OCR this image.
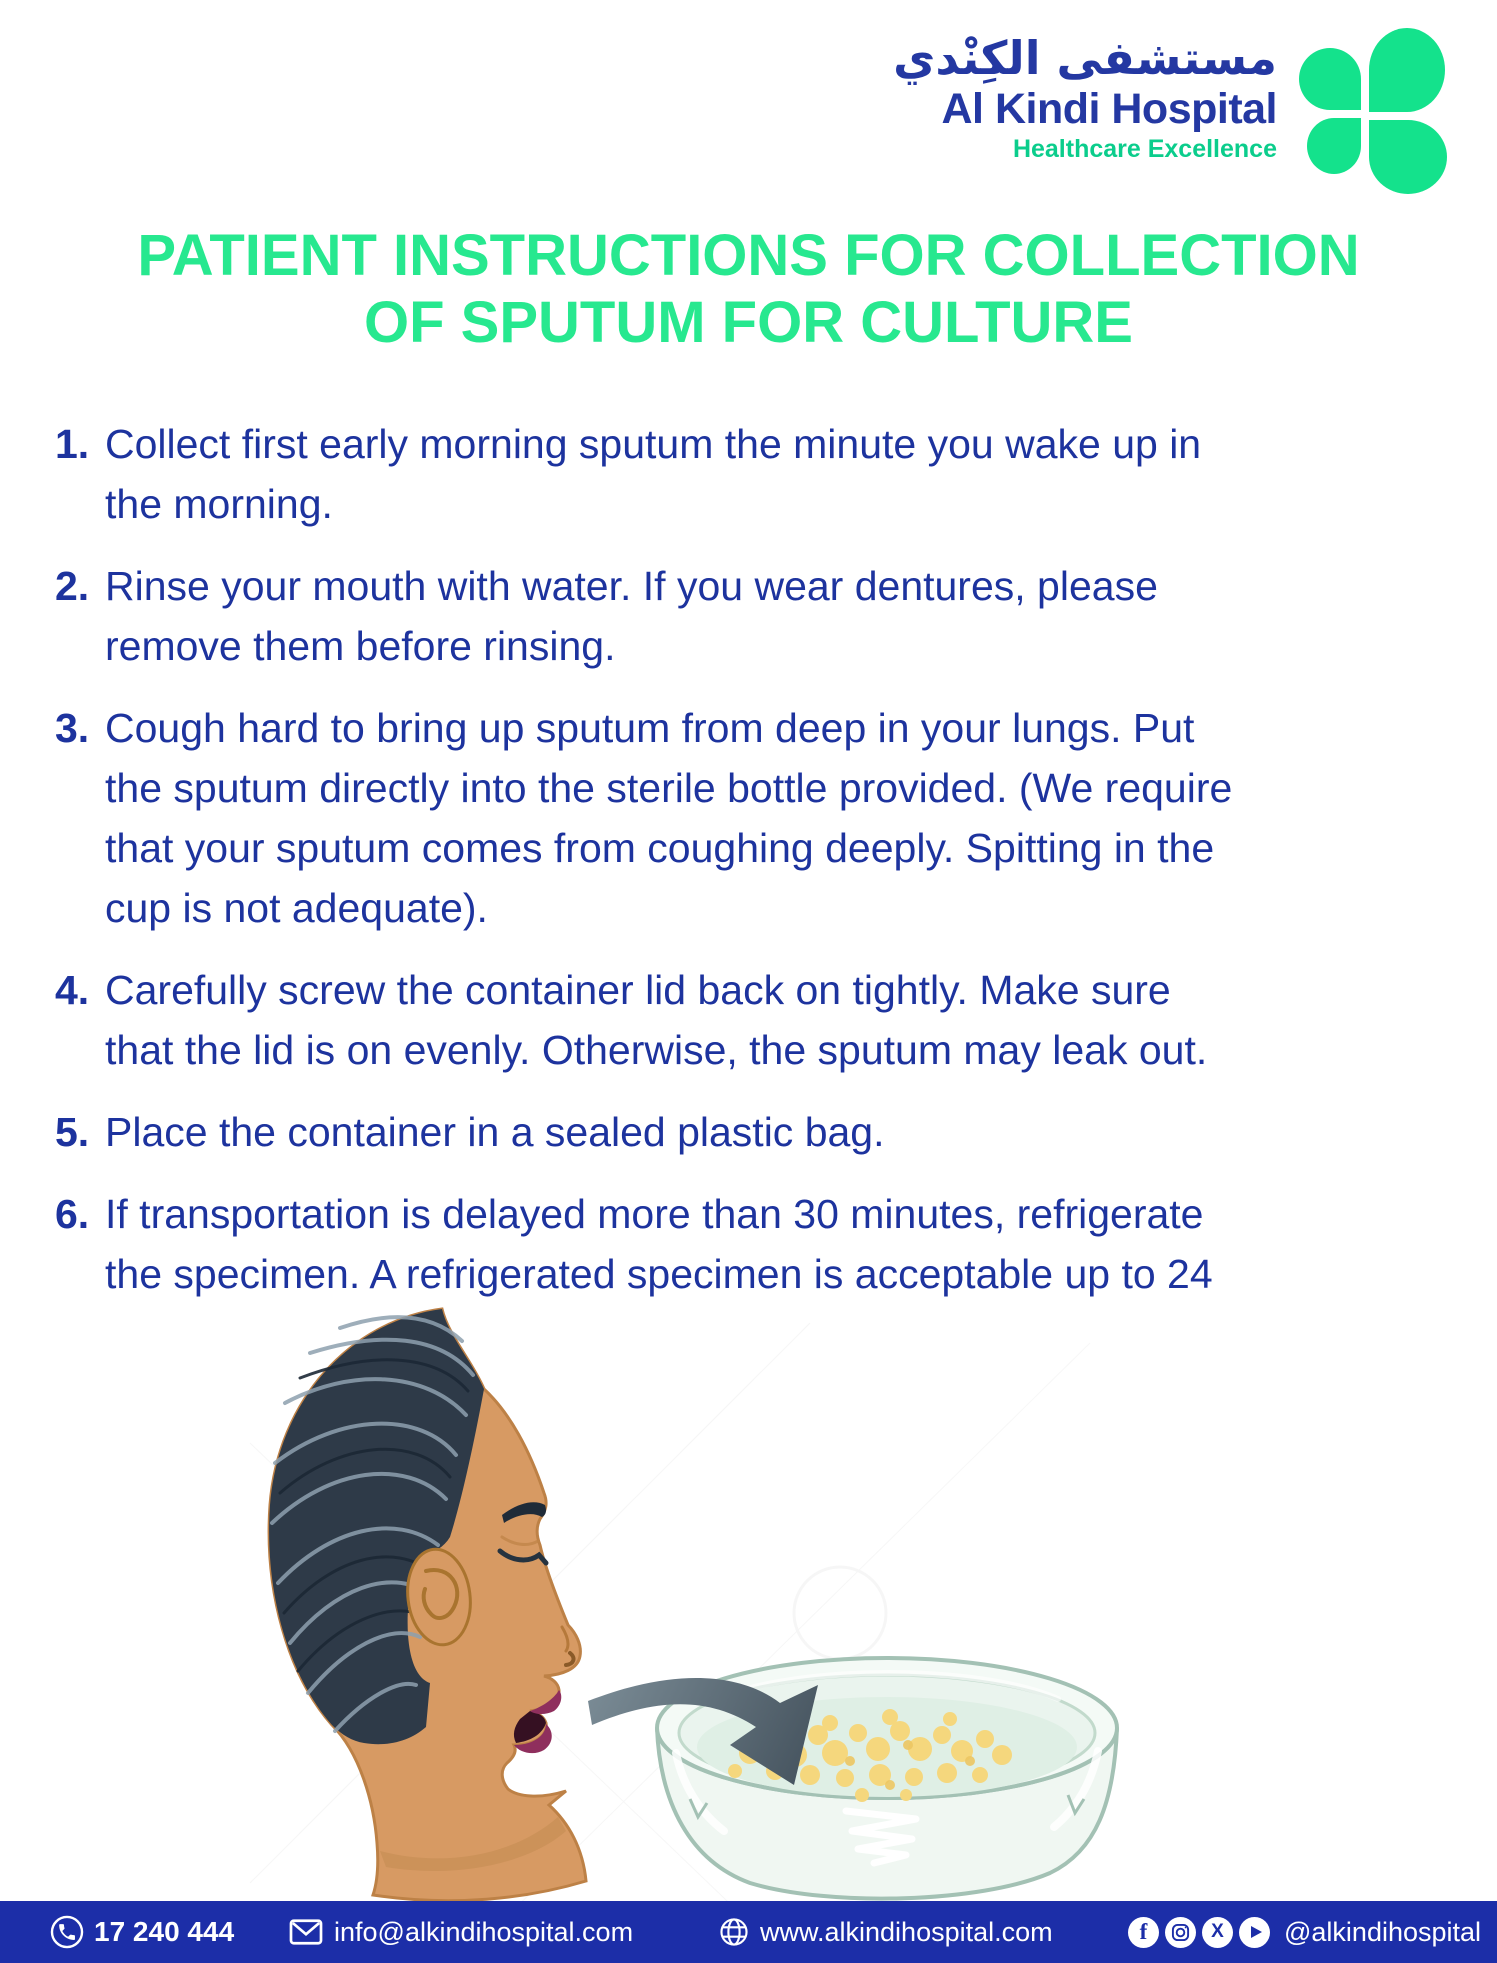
مستشفى الكِنْدي
Al Kindi Hospital
Healthcare Excellence
PATIENT INSTRUCTIONS FOR COLLECTION
OF SPUTUM FOR CULTURE
1. Collect first early morning sputum the minute you wake up in
the morning.
2. Rinse your mouth with water. If you wear dentures, please
remove them before rinsing.
3. Cough hard to bring up sputum from deep in your lungs. Put
the sputum directly into the sterile bottle provided. (We require
that your sputum comes from coughing deeply. Spitting in the
cup is not adequate).
4. Carefully screw the container lid back on tightly. Make sure
that the lid is on evenly. Otherwise, the sputum may leak out.
5. Place the container in a sealed plastic bag.
6. If transportation is delayed more than 30 minutes, refrigerate
the specimen. A refrigerated specimen is acceptable up to 24
17 240 444	info@alkindihospital.com	www.alkindihospital.com	f	X	@alkindihospital
